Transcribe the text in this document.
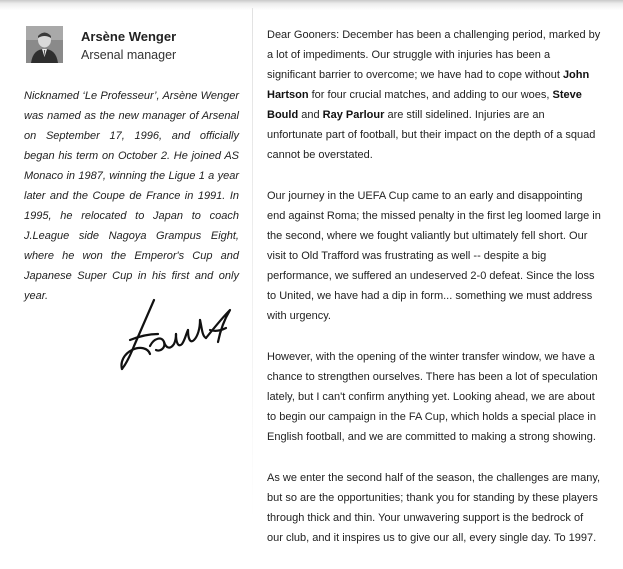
Arsène Wenger
Arsenal manager

Nicknamed ‘Le Professeur’, Arsène Wenger was named as the new manager of Arsenal on September 17, 1996, and officially began his term on October 2. He joined AS Monaco in 1987, winning the Ligue 1 a year later and the Coupe de France in 1991. In 1995, he relocated to Japan to coach J.League side Nagoya Grampus Eight, where he won the Emperor's Cup and Japanese Super Cup in his first and only year.

Dear Gooners: December has been a challenging period, marked by a lot of impediments. Our struggle with injuries has been a significant barrier to overcome; we have had to cope without John Hartson for four crucial matches, and adding to our woes, Steve Bould and Ray Parlour are still sidelined. Injuries are an unfortunate part of football, but their impact on the depth of a squad cannot be overstated.

Our journey in the UEFA Cup came to an early and disappointing end against Roma; the missed penalty in the first leg loomed large in the second, where we fought valiantly but ultimately fell short. Our visit to Old Trafford was frustrating as well -- despite a big performance, we suffered an undeserved 2-0 defeat. Since the loss to United, we have had a dip in form... something we must address with urgency.

However, with the opening of the winter transfer window, we have a chance to strengthen ourselves. There has been a lot of speculation lately, but I can't confirm anything yet. Looking ahead, we are about to begin our campaign in the FA Cup, which holds a special place in English football, and we are committed to making a strong showing.

As we enter the second half of the season, the challenges are many, but so are the opportunities; thank you for standing by these players through thick and thin. Your unwavering support is the bedrock of our club, and it inspires us to give our all, every single day. To 1997.
